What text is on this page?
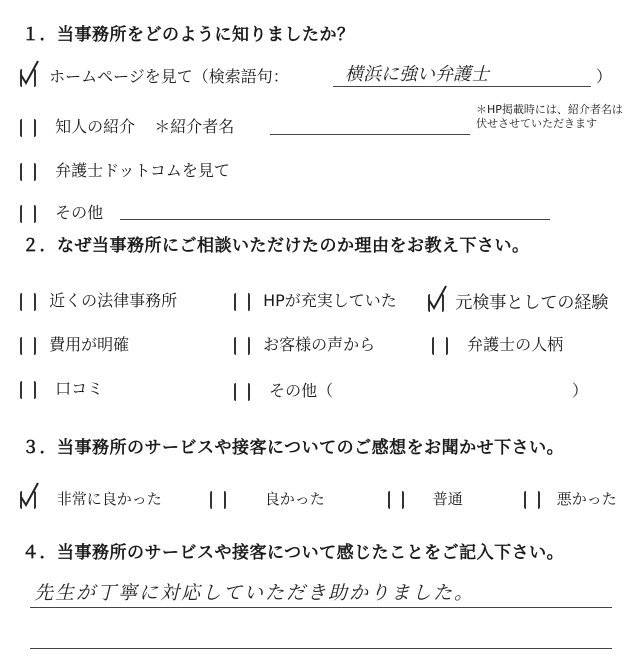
１．当事務所をどのように知りましたか？
ホームページを見て（検索語句：	横浜に強い弁護士	）
知人の紹介 ＊紹介者名
＊HP掲載時には、紹介者名は
伏せさせていただきます
弁護士ドットコムを見て
その他
２．なぜ当事務所にご相談いただけたのか理由をお教え下さい。
近くの法律事務所	HPが充実していた	元検事としての経験
費用が明確	お客様の声から	弁護士の人柄
口コミ	その他（	）
３．当事務所のサービスや接客についてのご感想をお聞かせ下さい。
非常に良かった	良かった	普通	悪かった
４．当事務所のサービスや接客について感じたことをご記入下さい。
先生が丁寧に対応していただき助かりました。
